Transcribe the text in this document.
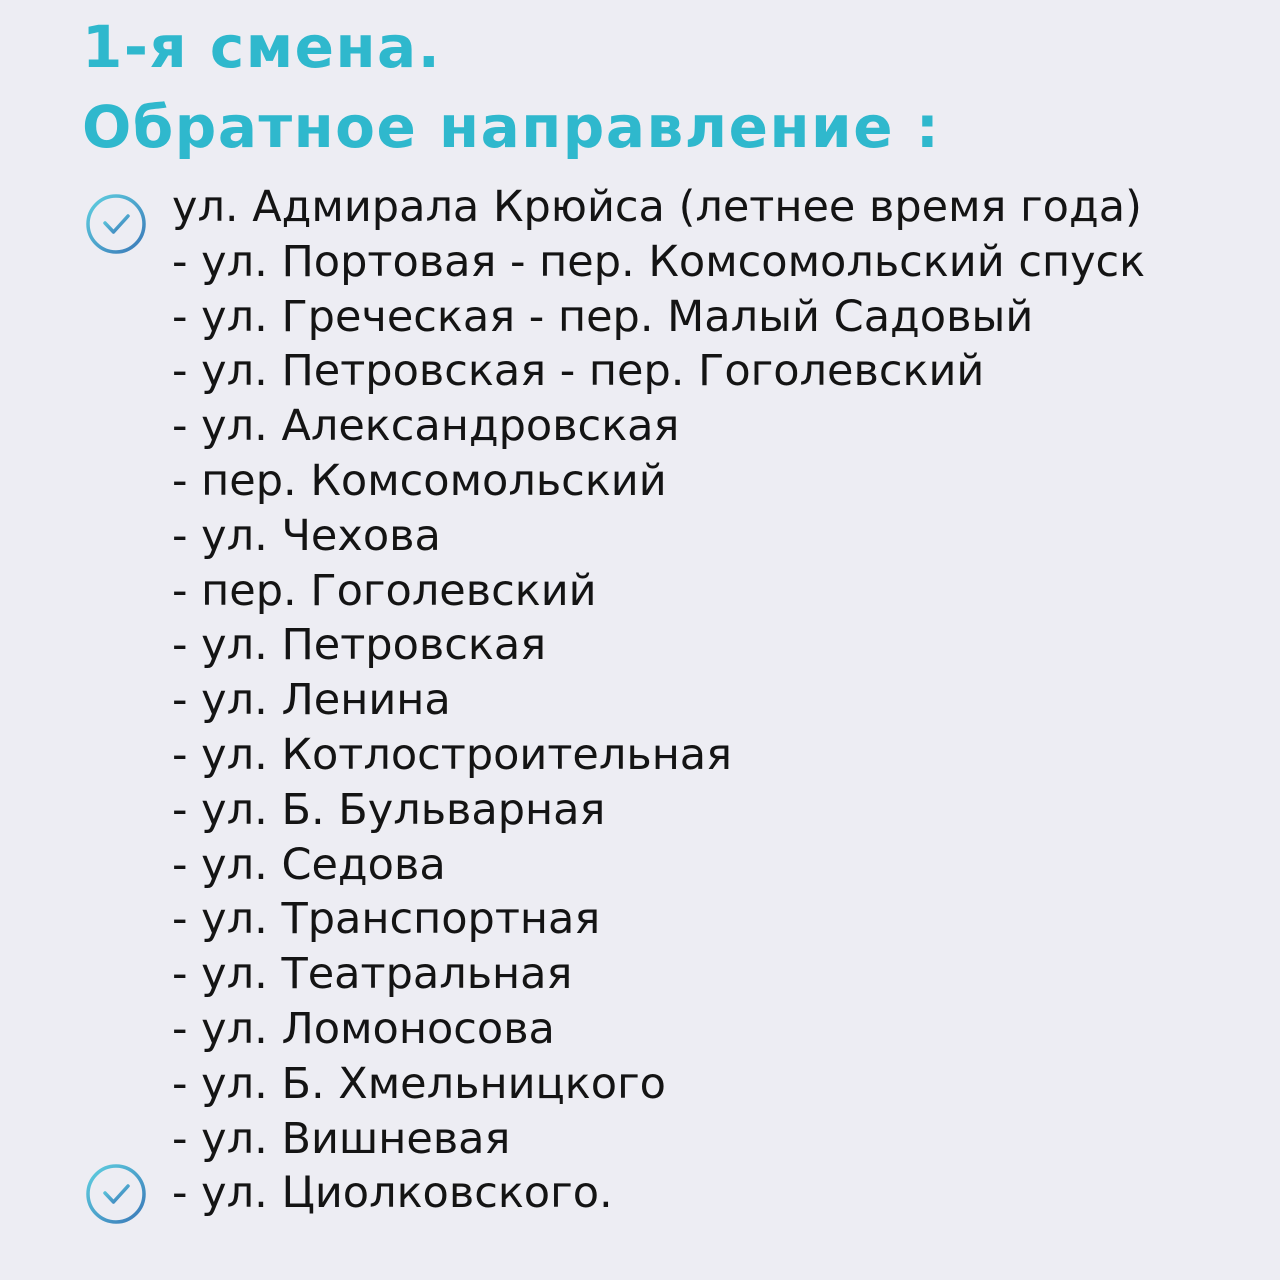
1-я смена.
Обратное направление :
ул. Адмирала Крюйса (летнее время года)
- ул. Портовая - пер. Комсомольский спуск
- ул. Греческая - пер. Малый Садовый
- ул. Петровская - пер. Гоголевский
- ул. Александровская
- пер. Комсомольский
- ул. Чехова
- пер. Гоголевский
- ул. Петровская
- ул. Ленина
- ул. Котлостроительная
- ул. Б. Бульварная
- ул. Седова
- ул. Транспортная
- ул. Театральная
- ул. Ломоносова
- ул. Б. Хмельницкого
- ул. Вишневая
- ул. Циолковского.
